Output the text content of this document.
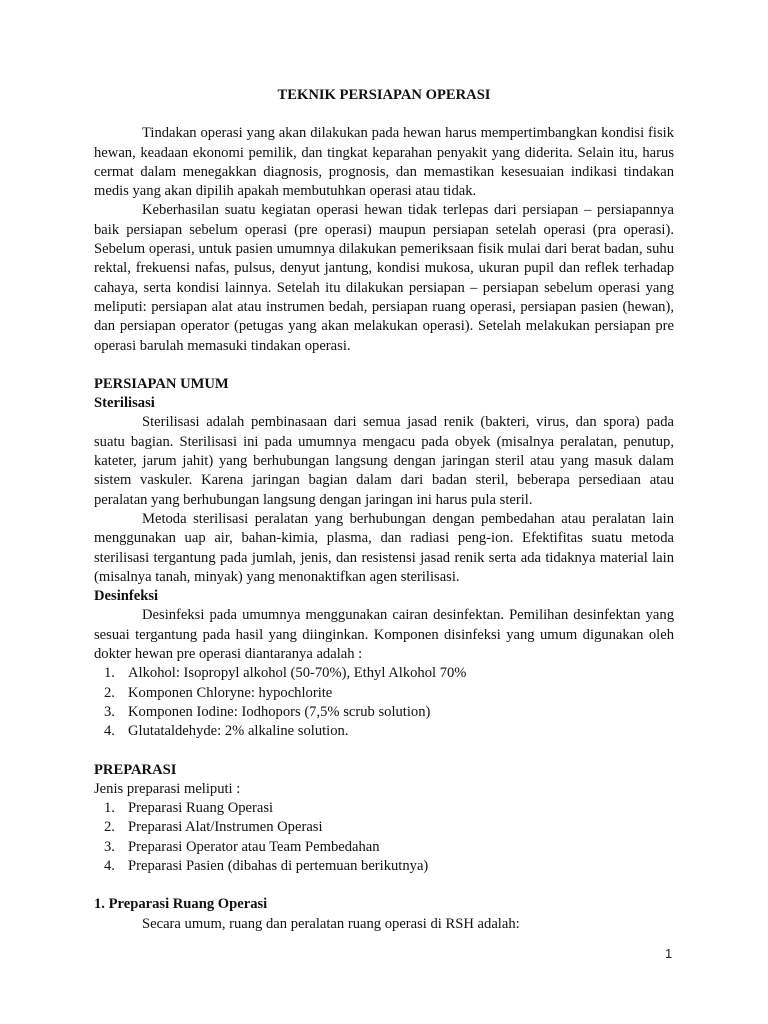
TEKNIK PERSIAPAN OPERASI

Tindakan operasi yang akan dilakukan pada hewan harus mempertimbangkan kondisi fisik hewan, keadaan ekonomi pemilik, dan tingkat keparahan penyakit yang diderita. Selain itu, harus cermat dalam menegakkan diagnosis, prognosis, dan memastikan kesesuaian indikasi tindakan medis yang akan dipilih apakah membutuhkan operasi atau tidak.

Keberhasilan suatu kegiatan operasi hewan tidak terlepas dari persiapan – persiapannya baik persiapan sebelum operasi (pre operasi) maupun persiapan setelah operasi (pra operasi). Sebelum operasi, untuk pasien umumnya dilakukan pemeriksaan fisik mulai dari berat badan, suhu rektal, frekuensi nafas, pulsus, denyut jantung, kondisi mukosa, ukuran pupil dan reflek terhadap cahaya, serta kondisi lainnya. Setelah itu dilakukan persiapan – persiapan sebelum operasi yang meliputi: persiapan alat atau instrumen bedah, persiapan ruang operasi, persiapan pasien (hewan), dan persiapan operator (petugas yang akan melakukan operasi). Setelah melakukan persiapan pre operasi barulah memasuki tindakan operasi.

PERSIAPAN UMUM

Sterilisasi

Sterilisasi adalah pembinasaan dari semua jasad renik (bakteri, virus, dan spora) pada suatu bagian. Sterilisasi ini pada umumnya mengacu pada obyek (misalnya peralatan, penutup, kateter, jarum jahit) yang berhubungan langsung dengan jaringan steril atau yang masuk dalam sistem vaskuler. Karena jaringan bagian dalam dari badan steril, beberapa persediaan atau peralatan yang berhubungan langsung dengan jaringan ini harus pula steril.

Metoda sterilisasi peralatan yang berhubungan dengan pembedahan atau peralatan lain menggunakan uap air, bahan-kimia, plasma, dan radiasi peng-ion. Efektifitas suatu metoda sterilisasi tergantung pada jumlah, jenis, dan resistensi jasad renik serta ada tidaknya material lain (misalnya tanah, minyak) yang menonaktifkan agen sterilisasi.

Desinfeksi

Desinfeksi pada umumnya menggunakan cairan desinfektan. Pemilihan desinfektan yang sesuai tergantung pada hasil yang diinginkan. Komponen disinfeksi yang umum digunakan oleh dokter hewan pre operasi diantaranya adalah :

1. Alkohol: Isopropyl alkohol (50-70%), Ethyl Alkohol 70%
2. Komponen Chloryne: hypochlorite
3. Komponen Iodine: Iodhopors (7,5% scrub solution)
4. Glutataldehyde: 2% alkaline solution.

PREPARASI

Jenis preparasi meliputi :

1. Preparasi Ruang Operasi
2. Preparasi Alat/Instrumen Operasi
3. Preparasi Operator atau Team Pembedahan
4. Preparasi Pasien (dibahas di pertemuan berikutnya)

1. Preparasi Ruang Operasi

Secara umum, ruang dan peralatan ruang operasi di RSH adalah:

1
